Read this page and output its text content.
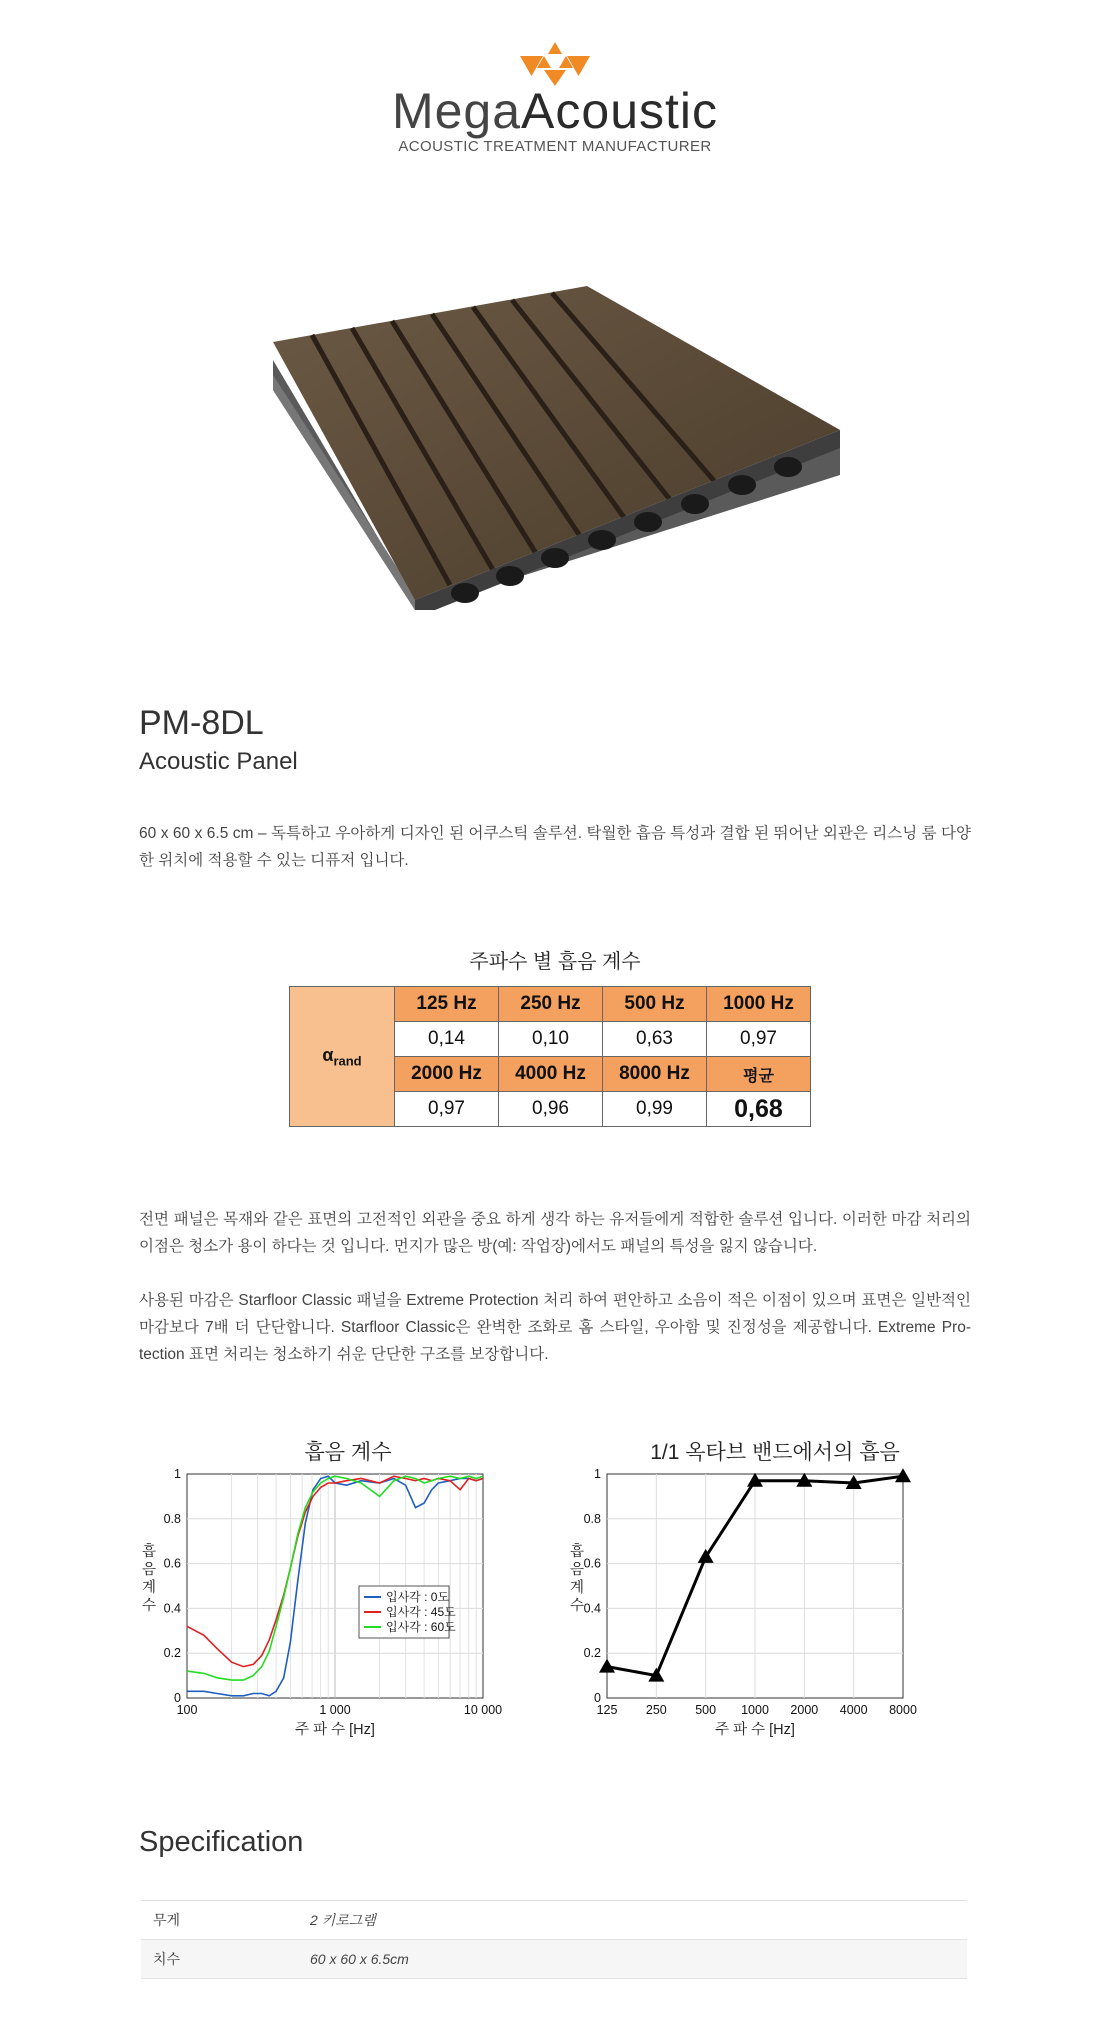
MegaAcoustic
ACOUSTIC TREATMENT MANUFACTURER
PM-8DL
Acoustic Panel
60 x 60 x 6.5 cm – 독특하고 우아하게 디자인 된 어쿠스틱 솔루션. 탁월한 흡음 특성과 결합 된 뛰어난 외관은 리스닝 룸 다양한 위치에 적용할 수 있는 디퓨저 입니다.
주파수 별 흡음 계수
$\alpha_{rand}$	125 Hz	250 Hz	500 Hz	1000 Hz
	0,14	0,10	0,63	0,97
	2000 Hz	4000 Hz	8000 Hz	평균
	0,97	0,96	0,99	0,68
전면 패널은 목재와 같은 표면의 고전적인 외관을 중요 하게 생각 하는 유저들에게 적합한 솔루션 입니다. 이러한 마감 처리의 이점은 청소가 용이 하다는 것 입니다. 먼지가 많은 방(예: 작업장)에서도 패널의 특성을 잃지 않습니다.
사용된 마감은 Starfloor Classic 패널을 Extreme Protection 처리 하여 편안하고 소음이 적은 이점이 있으며 표면은 일반적인 마감보다 7배 더 단단합니다. Starfloor Classic은 완벽한 조화로 홈 스타일, 우아함 및 진정성을 제공합니다. Extreme Protection 표면 처리는 청소하기 쉬운 단단한 구조를 보장합니다.
흡음 계수
0
0.2
0.4
0.6
0.8
1
100	1 000	10 000
입사각 : 0도
입사각 : 45도
입사각 : 60도
주 파 수 [Hz]
흡
음
계
수
1/1 옥타브 밴드에서의 흡음
125 250 500 1000 2000 4000 8000
0
0.2
0.4
0.6
0.8
1
주 파 수 [Hz]
흡
음
계
수
Specification
무게	2 키로그램
치수	60 x 60 x 6.5cm
